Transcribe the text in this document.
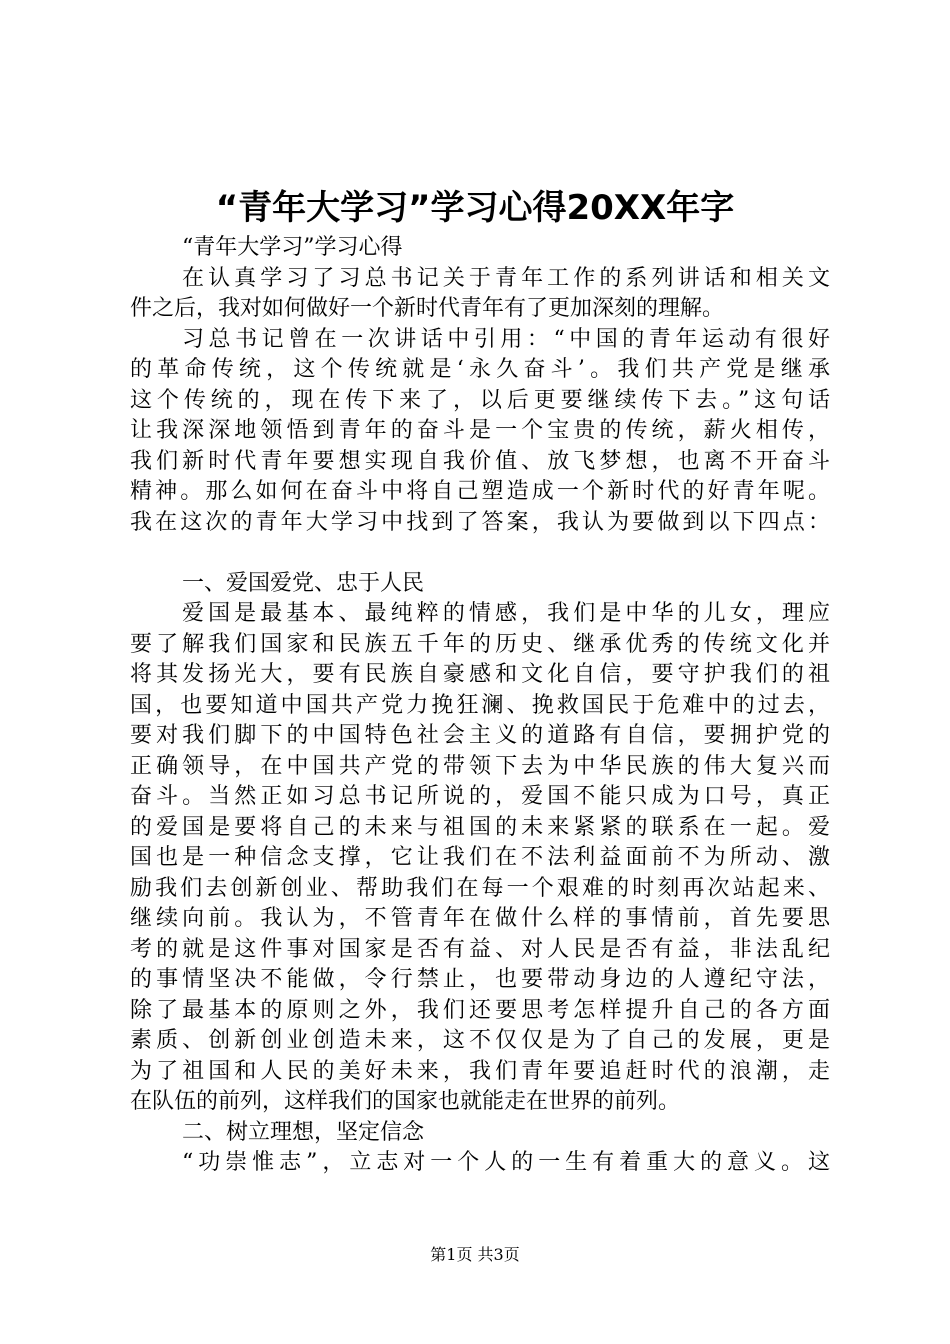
“青年大学习”学习心得20XX年字
“青年大学习”学习心得
在认真学习了习总书记关于青年工作的系列讲话和相关文
件之后，我对如何做好一个新时代青年有了更加深刻的理解。
习总书记曾在一次讲话中引用：“中国的青年运动有很好
的革命传统，这个传统就是‘永久奋斗’。我们共产党是继承
这个传统的，现在传下来了，以后更要继续传下去。”这句话
让我深深地领悟到青年的奋斗是一个宝贵的传统，薪火相传，
我们新时代青年要想实现自我价值、放飞梦想，也离不开奋斗
精神。那么如何在奋斗中将自己塑造成一个新时代的好青年呢。
我在这次的青年大学习中找到了答案，我认为要做到以下四点：
一、爱国爱党、忠于人民
爱国是最基本、最纯粹的情感，我们是中华的儿女，理应
要了解我们国家和民族五千年的历史、继承优秀的传统文化并
将其发扬光大，要有民族自豪感和文化自信，要守护我们的祖
国，也要知道中国共产党力挽狂澜、挽救国民于危难中的过去，
要对我们脚下的中国特色社会主义的道路有自信，要拥护党的
正确领导，在中国共产党的带领下去为中华民族的伟大复兴而
奋斗。当然正如习总书记所说的，爱国不能只成为口号，真正
的爱国是要将自己的未来与祖国的未来紧紧的联系在一起。爱
国也是一种信念支撑，它让我们在不法利益面前不为所动、激
励我们去创新创业、帮助我们在每一个艰难的时刻再次站起来、
继续向前。我认为，不管青年在做什么样的事情前，首先要思
考的就是这件事对国家是否有益、对人民是否有益，非法乱纪
的事情坚决不能做，令行禁止，也要带动身边的人遵纪守法，
除了最基本的原则之外，我们还要思考怎样提升自己的各方面
素质、创新创业创造未来，这不仅仅是为了自己的发展，更是
为了祖国和人民的美好未来，我们青年要追赶时代的浪潮，走
在队伍的前列，这样我们的国家也就能走在世界的前列。
二、树立理想，坚定信念
“功崇惟志”，立志对一个人的一生有着重大的意义。这
第1页 共3页
